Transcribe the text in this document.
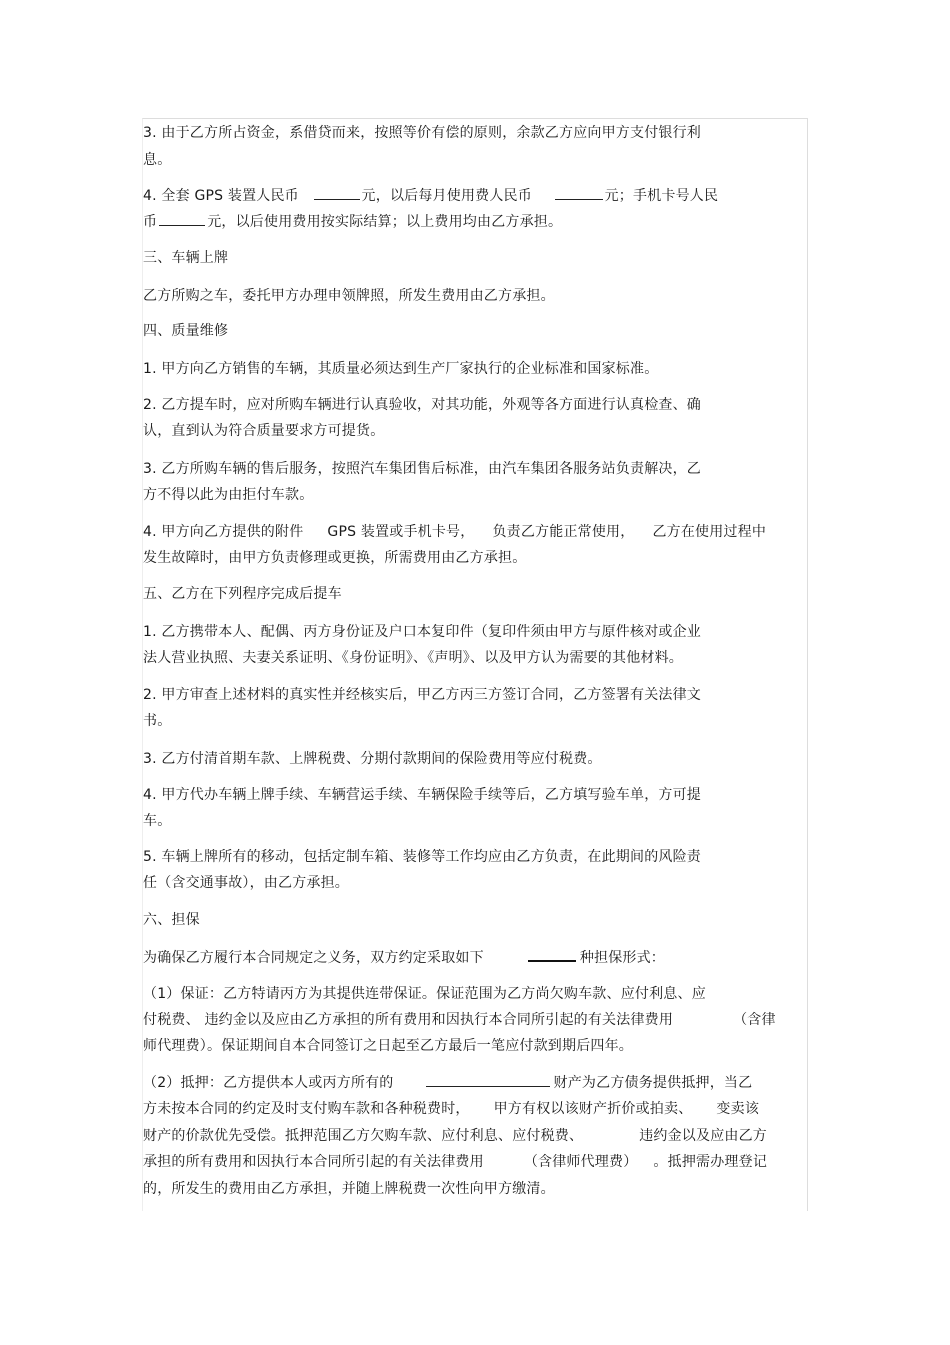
3. 由于乙方所占资金，系借贷而来，按照等价有偿的原则，余款乙方应向甲方支付银行利
息。
4. 全套 GPS 装置人民币	元，以后每月使用费人民币	元；手机卡号人民
币	元，以后使用费用按实际结算；以上费用均由乙方承担。
三、车辆上牌
乙方所购之车，委托甲方办理申领牌照，所发生费用由乙方承担。
四、质量维修
1. 甲方向乙方销售的车辆，其质量必须达到生产厂家执行的企业标准和国家标准。
2. 乙方提车时，应对所购车辆进行认真验收，对其功能，外观等各方面进行认真检查、确
认，直到认为符合质量要求方可提货。
3. 乙方所购车辆的售后服务，按照汽车集团售后标准，由汽车集团各服务站负责解决，乙
方不得以此为由拒付车款。
4. 甲方向乙方提供的附件 GPS 装置或手机卡号， 负责乙方能正常使用， 乙方在使用过程中
发生故障时，由甲方负责修理或更换，所需费用由乙方承担。
五、乙方在下列程序完成后提车
1. 乙方携带本人、配偶、丙方身份证及户口本复印件（复印件须由甲方与原件核对或企业
法人营业执照、夫妻关系证明、《身份证明》、《声明》、以及甲方认为需要的其他材料。
2. 甲方审查上述材料的真实性并经核实后，甲乙方丙三方签订合同，乙方签署有关法律文
书。
3. 乙方付清首期车款、上牌税费、分期付款期间的保险费用等应付税费。
4. 甲方代办车辆上牌手续、车辆营运手续、车辆保险手续等后，乙方填写验车单，方可提
车。
5. 车辆上牌所有的移动，包括定制车箱、装修等工作均应由乙方负责，在此期间的风险责
任（含交通事故），由乙方承担。
六、担保
为确保乙方履行本合同规定之义务，双方约定采取如下	种担保形式：
（1）保证：乙方特请丙方为其提供连带保证。保证范围为乙方尚欠购车款、应付利息、应
付税费、 违约金以及应由乙方承担的所有费用和因执行本合同所引起的有关法律费用	（含律
师代理费）。保证期间自本合同签订之日起至乙方最后一笔应付款到期后四年。
（2）抵押：乙方提供本人或丙方所有的	财产为乙方债务提供抵押，当乙
方未按本合同的约定及时支付购车款和各种税费时， 甲方有权以该财产折价或拍卖、 变卖该
财产的价款优先受偿。抵押范围乙方欠购车款、应付利息、应付税费、	违约金以及应由乙方
承担的所有费用和因执行本合同所引起的有关法律费用	（含律师代理费） 。抵押需办理登记
的，所发生的费用由乙方承担，并随上牌税费一次性向甲方缴清。
